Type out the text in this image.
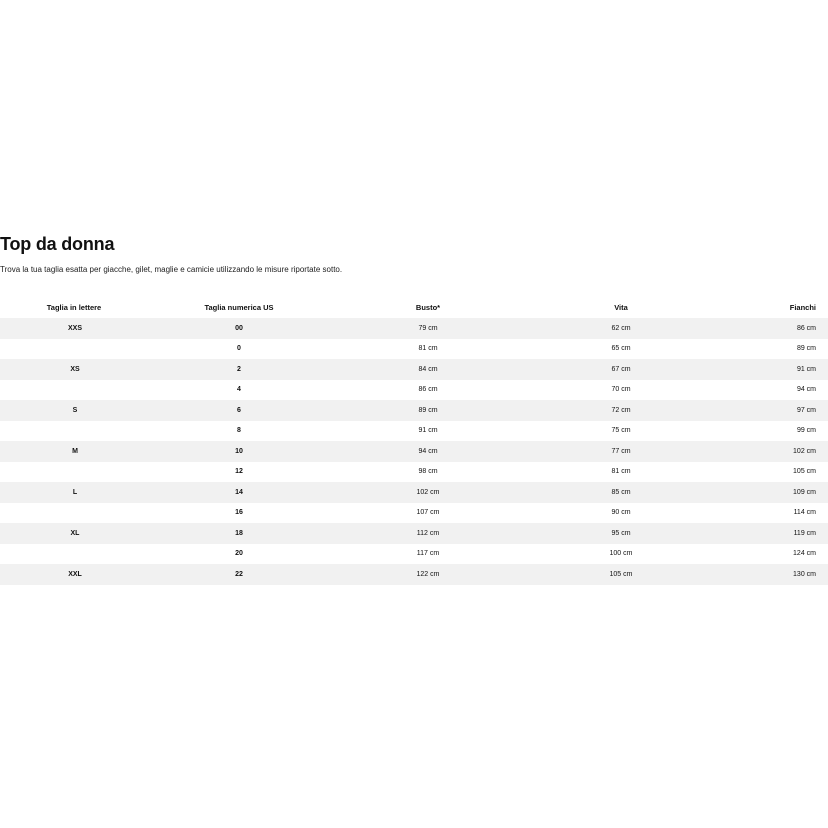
Top da donna

Trova la tua taglia esatta per giacche, gilet, maglie e camicie utilizzando le misure riportate sotto.

Taglia in lettere	Taglia numerica US	Busto*	Vita	Fianchi
XXS	00	79 cm	62 cm	86 cm
	0	81 cm	65 cm	89 cm
XS	2	84 cm	67 cm	91 cm
	4	86 cm	70 cm	94 cm
S	6	89 cm	72 cm	97 cm
	8	91 cm	75 cm	99 cm
M	10	94 cm	77 cm	102 cm
	12	98 cm	81 cm	105 cm
L	14	102 cm	85 cm	109 cm
	16	107 cm	90 cm	114 cm
XL	18	112 cm	95 cm	119 cm
	20	117 cm	100 cm	124 cm
XXL	22	122 cm	105 cm	130 cm
